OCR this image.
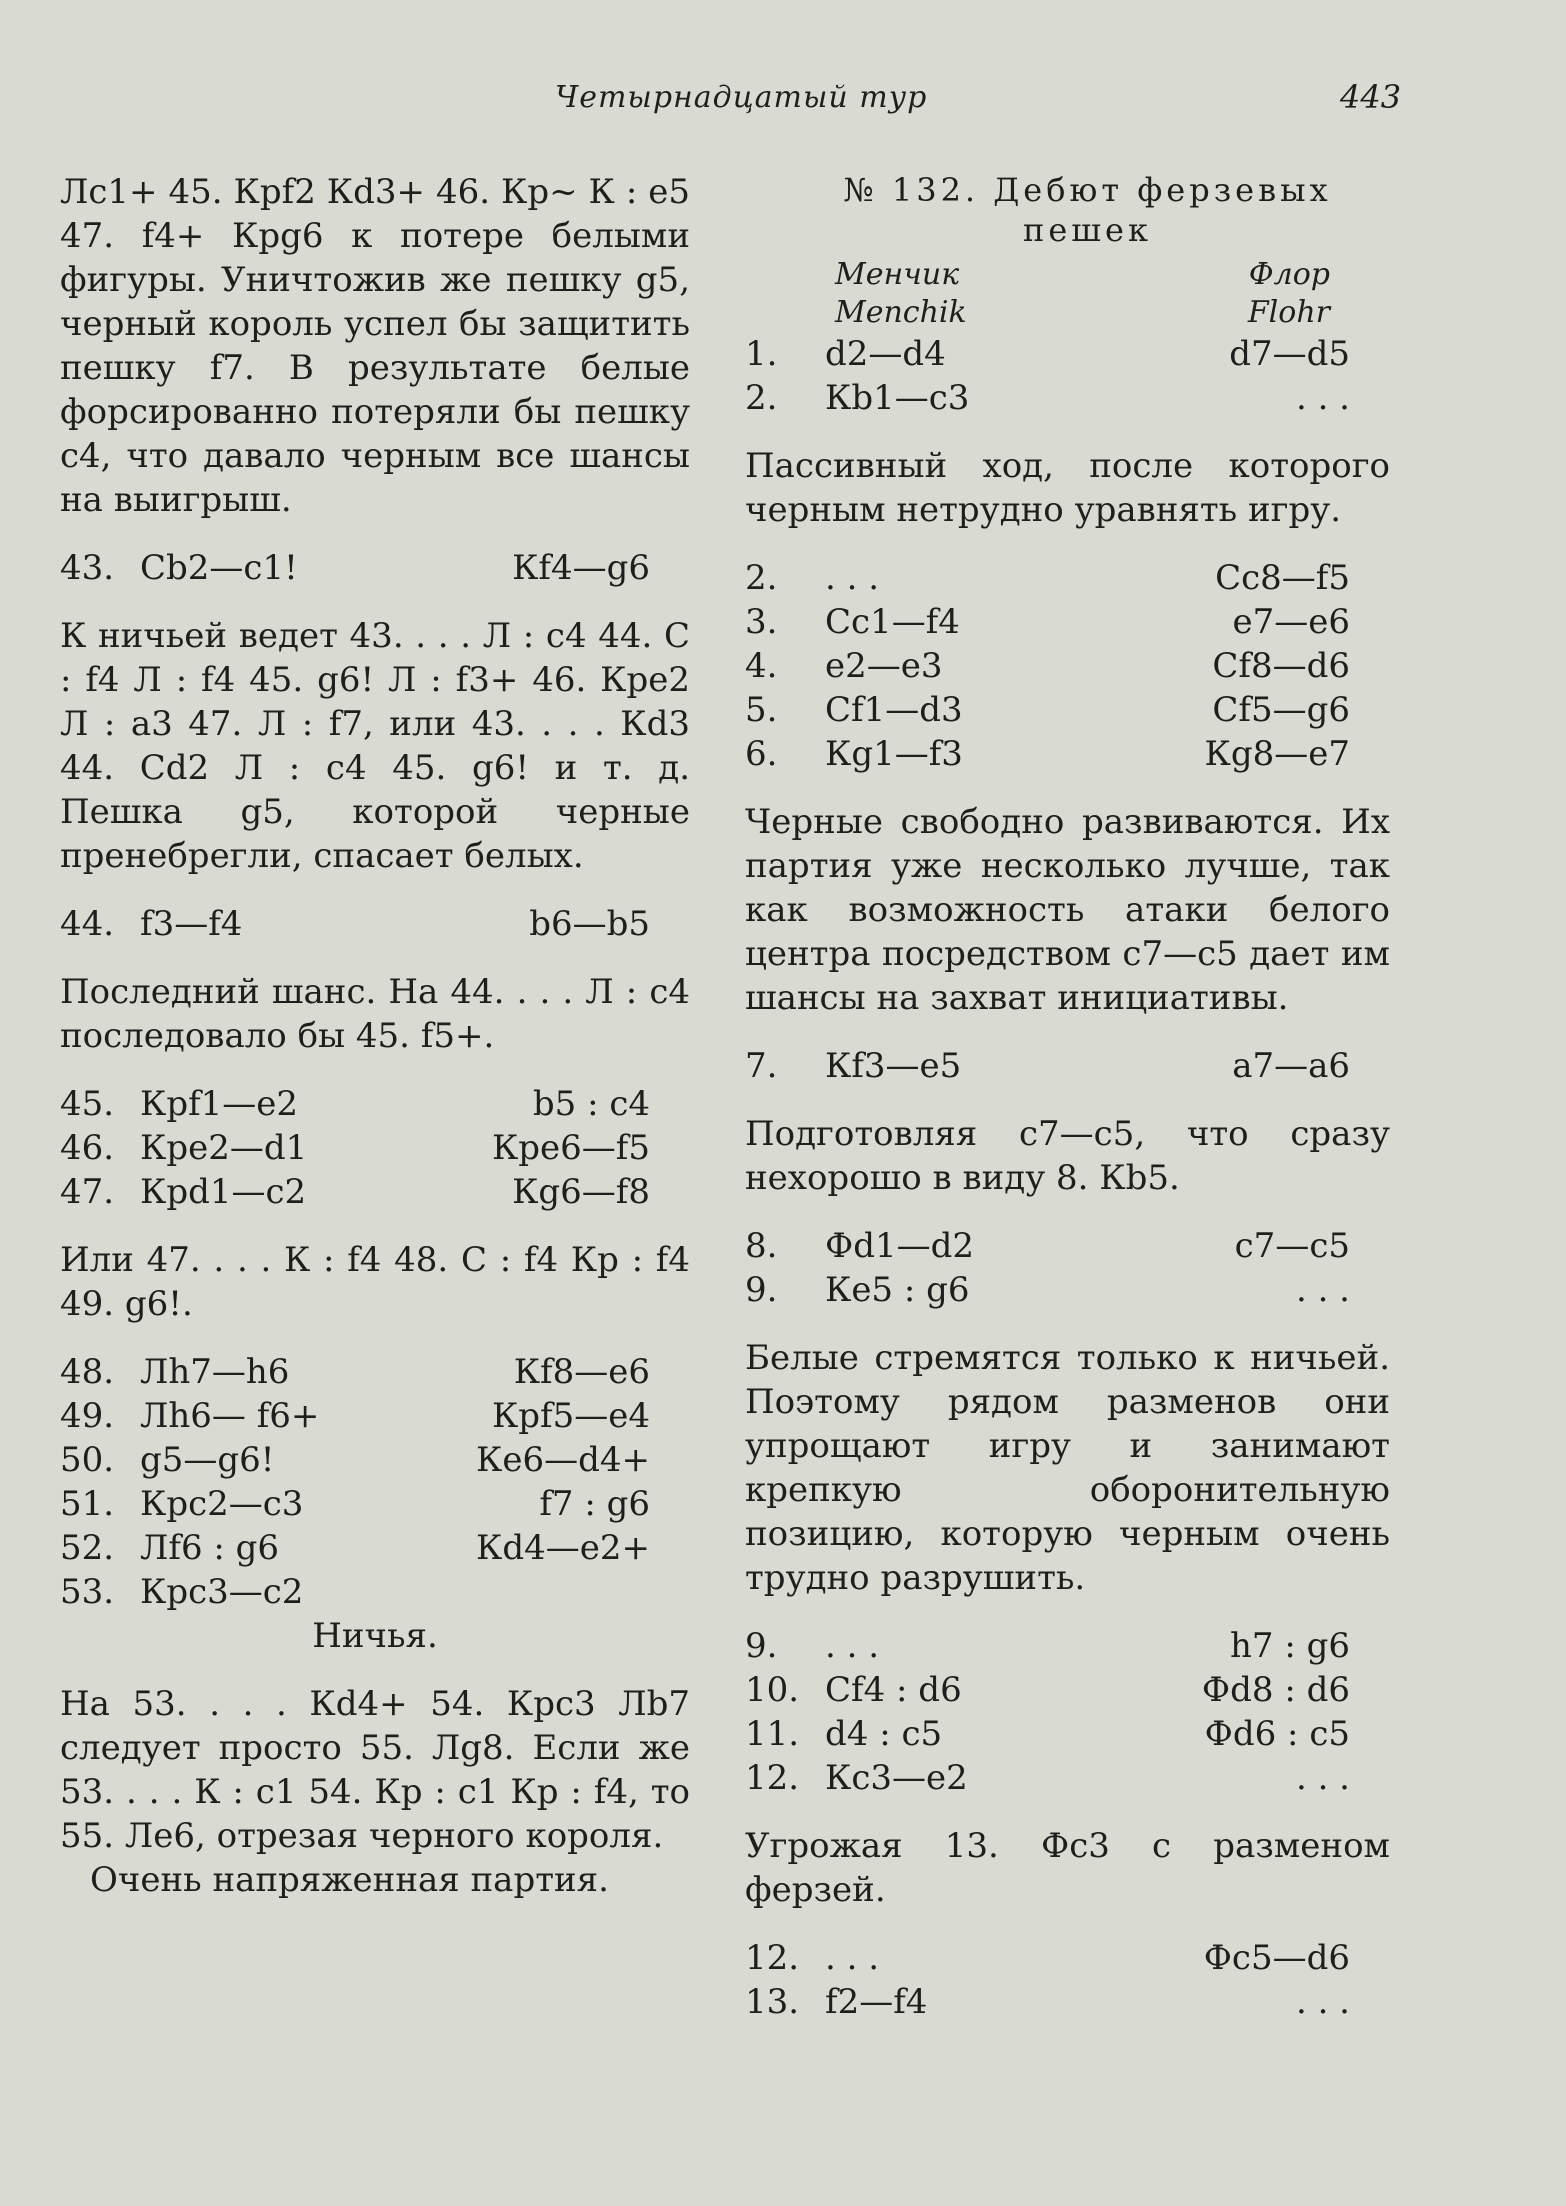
Четырнадцатый тур	443

Лс1+ 45. Крf2 Кd3+ 46. Кр~ К : е5 47. f4+ Крg6 к потере белыми фигуры. Уничтожив же пешку g5, черный король успел бы защитить пешку f7. В результате белые форсированно потеряли бы пешку с4, что давало черным все шансы на выигрыш.

43. Сb2—с1!	Кf4—g6

К ничьей ведет 43. . . . Л : с4 44. С : f4 Л : f4 45. g6! Л : f3+ 46. Кре2 Л : а3 47. Л : f7, или 43. . . . Кd3 44. Сd2 Л : с4 45. g6! и т. д. Пешка g5, которой черные пренебрегли, спасает белых.

44. f3—f4	b6—b5

Последний шанс. На 44. . . . Л : с4 последовало бы 45. f5+.

45. Крf1—е2	b5 : с4
46. Кре2—d1	Кре6—f5
47. Крd1—с2	Кg6—f8

Или 47. . . . К : f4 48. С : f4 Кр : f4 49. g6!.

48. Лh7—h6	Кf8—е6
49. Лh6— f6+	Крf5—е4
50. g5—g6!	Ке6—d4+
51. Крс2—с3	f7 : g6
52. Лf6 : g6	Кd4—е2+
53. Крс3—с2
Ничья.

На 53. . . . Кd4+ 54. Крс3 Лb7 следует просто 55. Лg8. Если же 53. . . . К : с1 54. Кр : с1 Кр : f4, то 55. Ле6, отрезая черного короля.

Очень напряженная партия.

№ 132. Дебют ферзевых пешек
Менчик	Флор
Menchik	Flohr
1.	d2—d4	d7—d5
2.	Кb1—с3	. . .

Пассивный ход, после которого черным нетрудно уравнять игру.

2.	. . .	Сс8—f5
3.	Сс1—f4	е7—е6
4.	е2—е3	Сf8—d6
5.	Сf1—d3	Сf5—g6
6.	Кg1—f3	Кg8—е7

Черные свободно развиваются. Их партия уже несколько лучше, так как возможность атаки белого центра посредством с7—с5 дает им шансы на захват инициативы.

7.	Кf3—е5	а7—а6

Подготовляя с7—с5, что сразу нехорошо в виду 8. Кb5.

8.	Фd1—d2	с7—с5
9.	Ке5 : g6	. . .

Белые стремятся только к ничьей. Поэтому рядом разменов они упрощают игру и занимают крепкую оборонительную позицию, которую черным очень трудно разрушить.

9.	. . .	h7 : g6
10. Сf4 : d6	Фd8 : d6
11. d4 : с5	Фd6 : с5
12. Кс3—е2	. . .

Угрожая 13. Фс3 с разменом ферзей.

12. . . .	Фс5—d6
13. f2—f4	. . .
